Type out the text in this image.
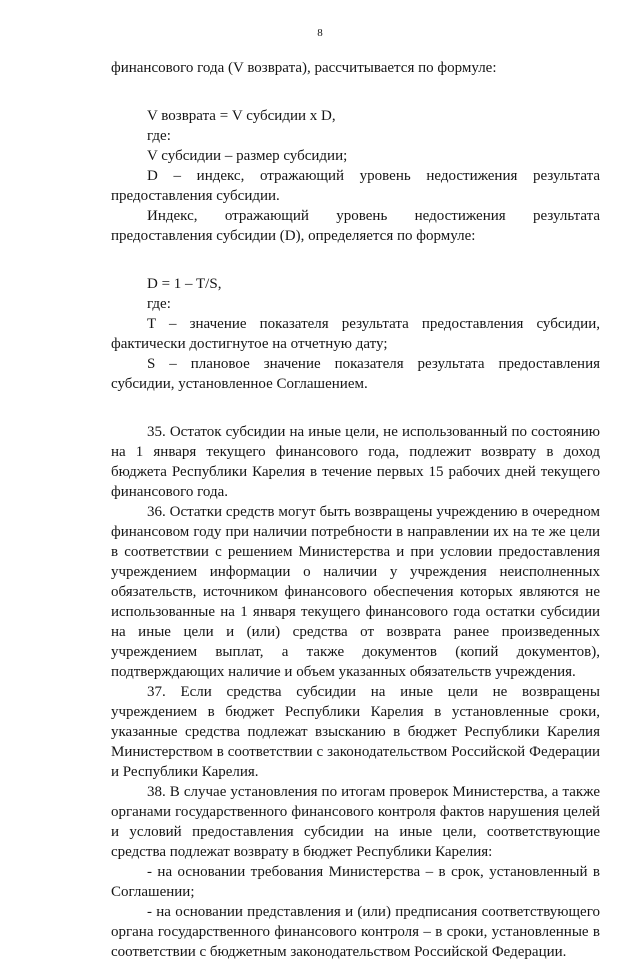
8

финансового года (V возврата), рассчитывается по формуле:

V возврата = V субсидии x D,

где:

V субсидии – размер субсидии;

D – индекс, отражающий уровень недостижения результата предоставления субсидии.

Индекс, отражающий уровень недостижения результата предоставления субсидии (D), определяется по формуле:

D = 1 – T/S,

где:

T – значение показателя результата предоставления субсидии, фактически достигнутое на отчетную дату;

S – плановое значение показателя результата предоставления субсидии, установленное Соглашением.

35. Остаток субсидии на иные цели, не использованный по состоянию на 1 января текущего финансового года, подлежит возврату в доход бюджета Республики Карелия в течение первых 15 рабочих дней текущего финансового года.

36. Остатки средств могут быть возвращены учреждению в очередном финансовом году при наличии потребности в направлении их на те же цели в соответствии с решением Министерства и при условии предоставления учреждением информации о наличии у учреждения неисполненных обязательств, источником финансового обеспечения которых являются не использованные на 1 января текущего финансового года остатки субсидии на иные цели и (или) средства от возврата ранее произведенных учреждением выплат, а также документов (копий документов), подтверждающих наличие и объем указанных обязательств учреждения.

37. Если средства субсидии на иные цели не возвращены учреждением в бюджет Республики Карелия в установленные сроки, указанные средства подлежат взысканию в бюджет Республики Карелия Министерством в соответствии с законодательством Российской Федерации и Республики Карелия.

38. В случае установления по итогам проверок Министерства, а также органами государственного финансового контроля фактов нарушения целей и условий предоставления субсидии на иные цели, соответствующие средства подлежат возврату в бюджет Республики Карелия:

- на основании требования Министерства – в срок, установленный в Соглашении;

- на основании представления и (или) предписания соответствующего органа государственного финансового контроля – в сроки, установленные в соответствии с бюджетным законодательством Российской Федерации.
